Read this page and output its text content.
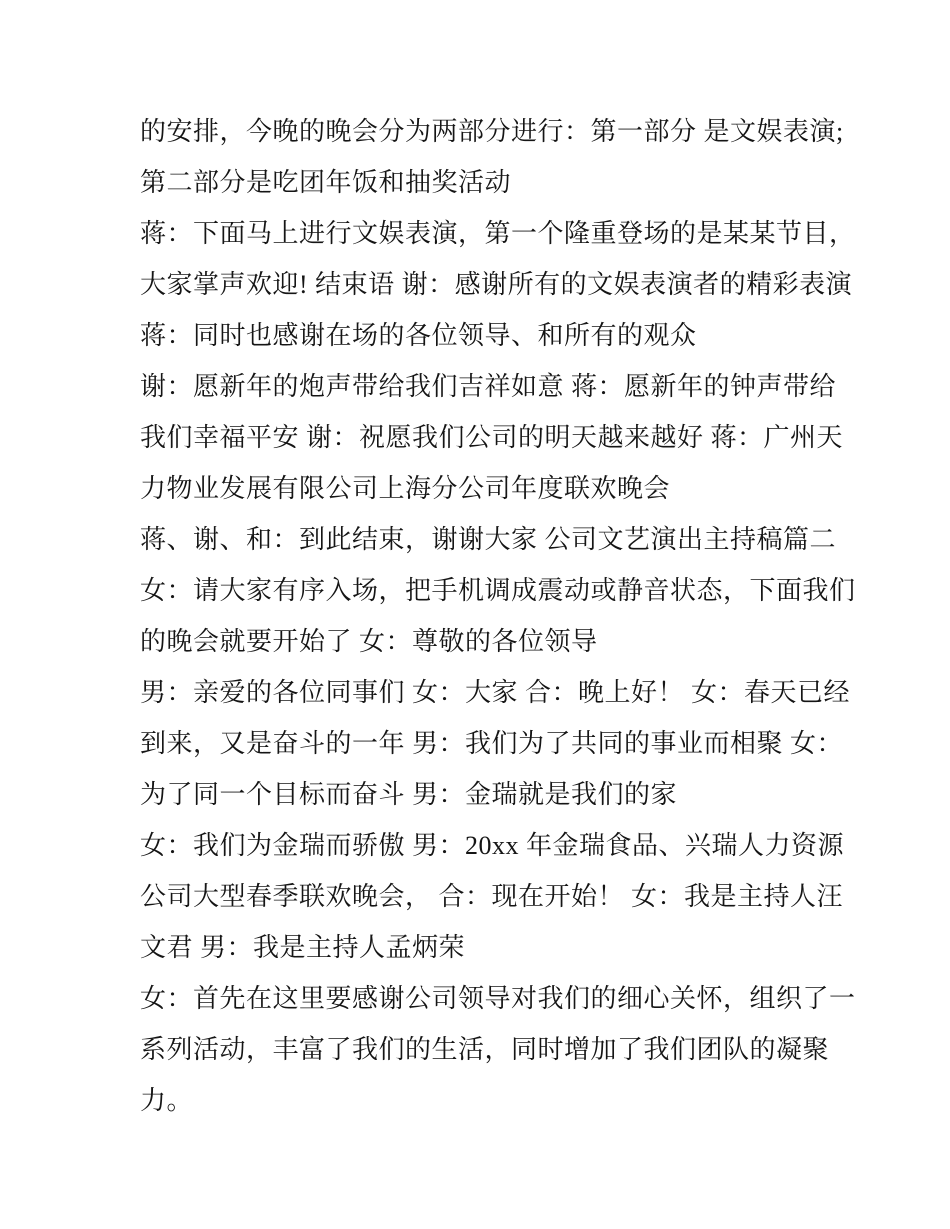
的安排，今晚的晚会分为两部分进行：第一部分 是文娱表演;
第二部分是吃团年饭和抽奖活动
蒋：下面马上进行文娱表演，第一个隆重登场的是某某节目，
大家掌声欢迎! 结束语 谢：感谢所有的文娱表演者的精彩表演
蒋：同时也感谢在场的各位领导、和所有的观众
谢：愿新年的炮声带给我们吉祥如意 蒋：愿新年的钟声带给
我们幸福平安 谢：祝愿我们公司的明天越来越好 蒋：广州天
力物业发展有限公司上海分公司年度联欢晚会
蒋、谢、和：到此结束，谢谢大家 公司文艺演出主持稿篇二
女：请大家有序入场，把手机调成震动或静音状态，下面我们
的晚会就要开始了 女：尊敬的各位领导
男：亲爱的各位同事们 女：大家 合：晚上好！ 女：春天已经
到来，又是奋斗的一年 男：我们为了共同的事业而相聚 女：
为了同一个目标而奋斗 男：金瑞就是我们的家
女：我们为金瑞而骄傲 男：20xx 年金瑞食品、兴瑞人力资源
公司大型春季联欢晚会， 合：现在开始！ 女：我是主持人汪
文君 男：我是主持人孟炳荣
女：首先在这里要感谢公司领导对我们的细心关怀，组织了一
系列活动，丰富了我们的生活，同时增加了我们团队的凝聚
力。
